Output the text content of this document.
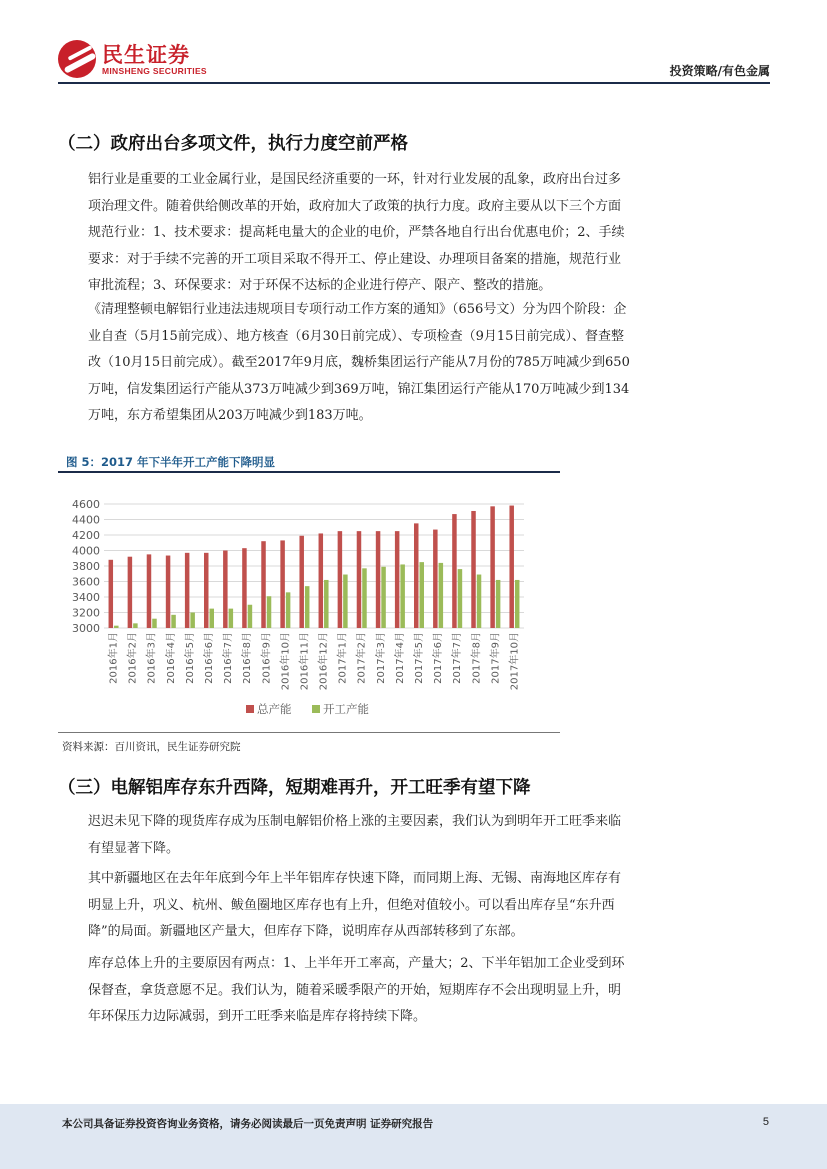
民生证券
MINSHENG SECURITIES	投资策略/有色金属
（二）政府出台多项文件，执行力度空前严格

铝行业是重要的工业金属行业，是国民经济重要的一环，针对行业发展的乱象，政府出台过多项治理文件。随着供给侧改革的开始，政府加大了政策的执行力度。政府主要从以下三个方面规范行业：1、技术要求：提高耗电量大的企业的电价，严禁各地自行出台优惠电价；2、手续要求：对于手续不完善的开工项目采取不得开工、停止建设、办理项目备案的措施，规范行业审批流程；3、环保要求：对于环保不达标的企业进行停产、限产、整改的措施。

《清理整顿电解铝行业违法违规项目专项行动工作方案的通知》（656号文）分为四个阶段：企业自查（5月15前完成）、地方核查（6月30日前完成）、专项检查（9月15日前完成）、督查整改（10月15日前完成）。截至2017年9月底，魏桥集团运行产能从7月份的785万吨减少到650万吨，信发集团运行产能从373万吨减少到369万吨，锦江集团运行产能从170万吨减少到134万吨，东方希望集团从203万吨减少到183万吨。

图 5：2017 年下半年开工产能下降明显
3000
3200
3400
3600
3800
4000
4200
4400
4600
2016年1月 2016年2月 2016年3月 2016年4月 2016年5月 2016年6月 2016年7月 2016年8月 2016年9月 2016年10月 2016年11月 2016年12月 2017年1月 2017年2月 2017年3月 2017年4月 2017年5月 2017年6月 2017年7月 2017年8月 2017年9月 2017年10月
总产能	开工产能
资料来源：百川资讯，民生证券研究院
（三）电解铝库存东升西降，短期难再升，开工旺季有望下降

迟迟未见下降的现货库存成为压制电解铝价格上涨的主要因素，我们认为到明年开工旺季来临有望显著下降。

其中新疆地区在去年年底到今年上半年铝库存快速下降，而同期上海、无锡、南海地区库存有明显上升，巩义、杭州、鲅鱼圈地区库存也有上升，但绝对值较小。可以看出库存呈“东升西降”的局面。新疆地区产量大，但库存下降，说明库存从西部转移到了东部。

库存总体上升的主要原因有两点：1、上半年开工率高，产量大；2、下半年铝加工企业受到环保督查，拿货意愿不足。我们认为，随着采暖季限产的开始，短期库存不会出现明显上升，明年环保压力边际减弱，到开工旺季来临是库存将持续下降。

本公司具备证券投资咨询业务资格，请务必阅读最后一页免责声明 证券研究报告	5
